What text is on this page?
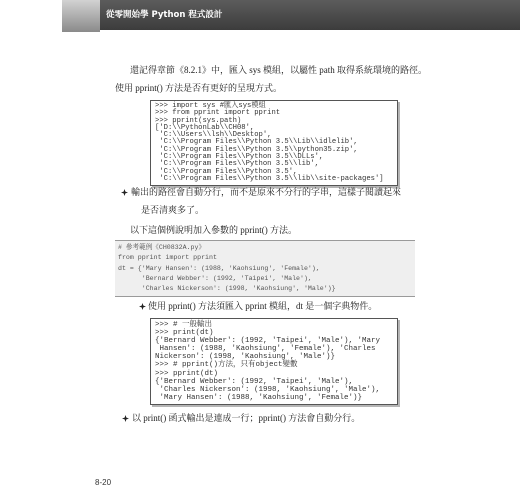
從零開始學 Python 程式設計
還記得章節《8.2.1》中，匯入 sys 模組，以屬性 path 取得系統環境的路徑。
使用 pprint() 方法是否有更好的呈現方式。
>>> import sys #匯入sys模組
>>> from pprint import pprint
>>> pprint(sys.path)
['D:\\PythonLab\\CH08',
'C:\\Users\\lsh\\Desktop',
'C:\\Program Files\\Python 3.5\\Lib\\idlelib',
'C:\\Program Files\\Python 3.5\\python35.zip',
'C:\\Program Files\\Python 3.5\\DLLs',
'C:\\Program Files\\Python 3.5\\lib',
'C:\\Program Files\\Python 3.5',
'C:\\Program Files\\Python 3.5\\lib\\site-packages']
輸出的路徑會自動分行，而不是原來不分行的字串，這樣子閱讀起來
是否清爽多了。
以下這個例說明加入參數的 pprint() 方法。
# 參考範例《CH0832A.py》
from pprint import pprint
dt = {'Mary Hansen': (1988, 'Kaohsiung', 'Female'),
'Bernard Webber': (1992, 'Taipei', 'Male'),
'Charles Nickerson': (1998, 'Kaohsiung', 'Male')}
使用 pprint() 方法須匯入 pprint 模組，dt 是一個字典物件。
>>> # 一般輸出
>>> print(dt)
{'Bernard Webber': (1992, 'Taipei', 'Male'), 'Mary
Hansen': (1988, 'Kaohsiung', 'Female'), 'Charles
Nickerson': (1998, 'Kaohsiung', 'Male')}
>>> # pprint()方法，只有object變數
>>> pprint(dt)
{'Bernard Webber': (1992, 'Taipei', 'Male'),
'Charles Nickerson': (1998, 'Kaohsiung', 'Male'),
'Mary Hansen': (1988, 'Kaohsiung', 'Female')}
以 print() 函式輸出是連成一行；pprint() 方法會自動分行。
8-20
